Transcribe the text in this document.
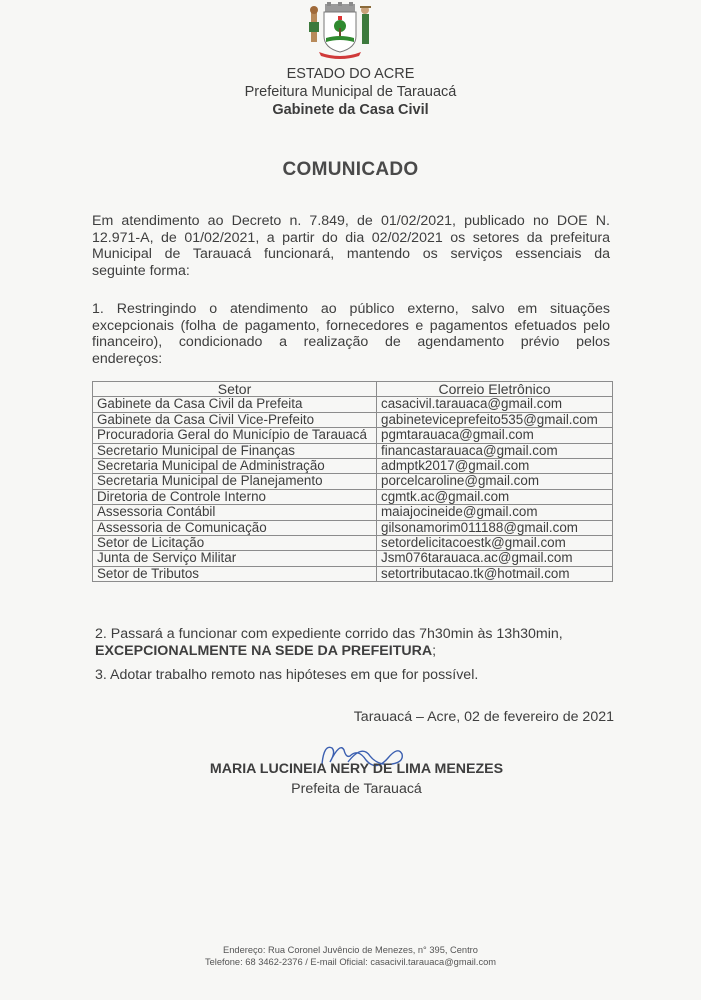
ESTADO DO ACRE
Prefeitura Municipal de Tarauacá
Gabinete da Casa Civil
COMUNICADO
Em atendimento ao Decreto n. 7.849, de 01/02/2021, publicado no DOE N.
12.971-A, de 01/02/2021, a partir do dia 02/02/2021 os setores da prefeitura
Municipal de Tarauacá funcionará, mantendo os serviços essenciais da
seguinte forma:
1. Restringindo o atendimento ao público externo, salvo em situações
excepcionais (folha de pagamento, fornecedores e pagamentos efetuados pelo
financeiro), condicionado a realização de agendamento prévio pelos
endereços:
Setor	Correio Eletrônico
Gabinete da Casa Civil da Prefeita	casacivil.tarauaca@gmail.com
Gabinete da Casa Civil Vice-Prefeito	gabineteviceprefeito535@gmail.com
Procuradoria Geral do Município de Tarauacá	pgmtarauaca@gmail.com
Secretario Municipal de Finanças	financastarauaca@gmail.com
Secretaria Municipal de Administração	admptk2017@gmail.com
Secretaria Municipal de Planejamento	porcelcaroline@gmail.com
Diretoria de Controle Interno	cgmtk.ac@gmail.com
Assessoria Contábil	maiajocineide@gmail.com
Assessoria de Comunicação	gilsonamorim011188@gmail.com
Setor de Licitação	setordelicitacoestk@gmail.com
Junta de Serviço Militar	Jsm076tarauaca.ac@gmail.com
Setor de Tributos	setortributacao.tk@hotmail.com
2. Passará a funcionar com expediente corrido das 7h30min às 13h30min,
EXCEPCIONALMENTE NA SEDE DA PREFEITURA;
3. Adotar trabalho remoto nas hipóteses em que for possível.
Tarauacá – Acre, 02 de fevereiro de 2021
MARIA LUCINEIA NERY DE LIMA MENEZES
Prefeita de Tarauacá
Endereço: Rua Coronel Juvêncio de Menezes, n° 395, Centro
Telefone: 68 3462-2376 / E-mail Oficial: casacivil.tarauaca@gmail.com
